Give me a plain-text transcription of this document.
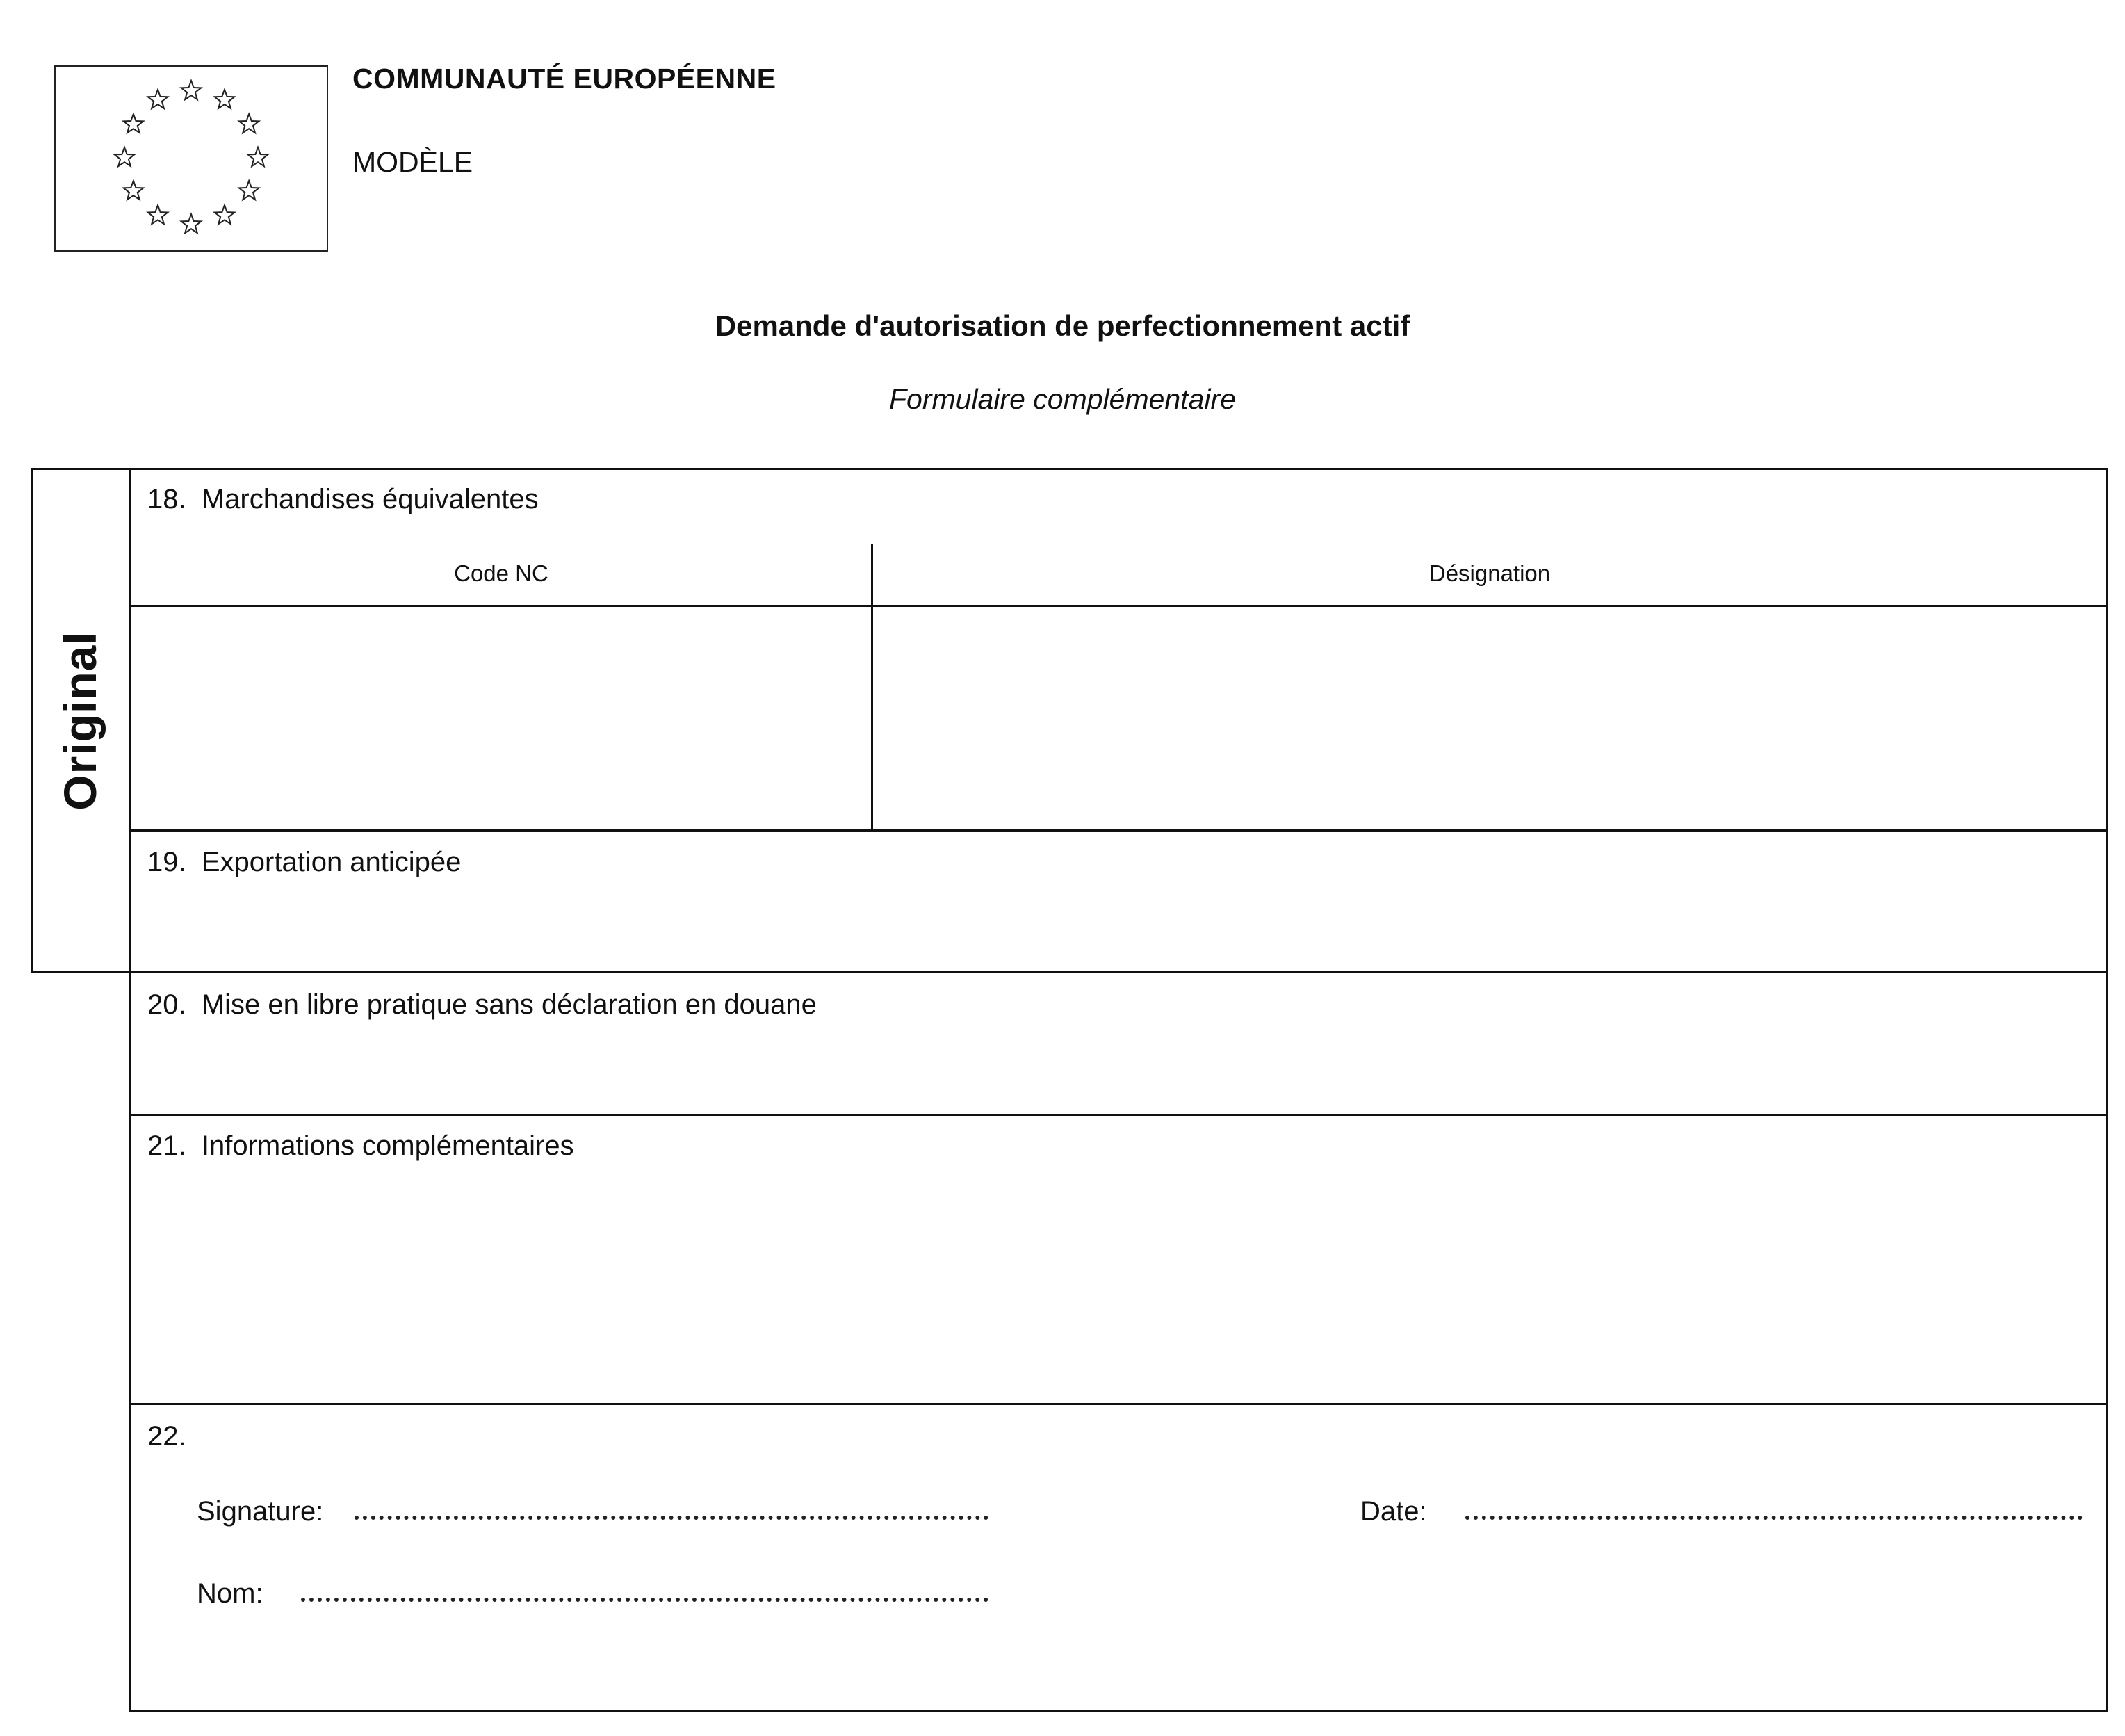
COMMUNAUTÉ EUROPÉENNE
MODÈLE
Demande d'autorisation de perfectionnement actif
Formulaire complémentaire
Original
18. Marchandises équivalentes
Code NC	Désignation
19. Exportation anticipée
20. Mise en libre pratique sans déclaration en douane
21. Informations complémentaires
22.
Signature:	Date:
Nom:
